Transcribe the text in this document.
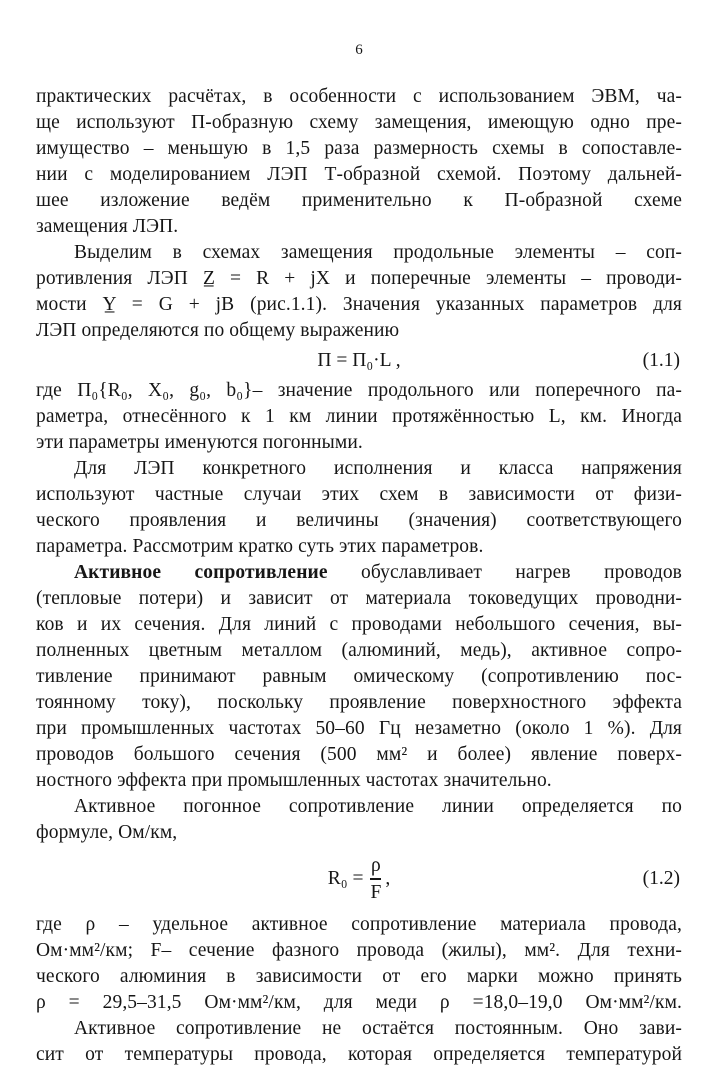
6
практических расчётах, в особенности с использованием ЭВМ, ча-
ще используют П-образную схему замещения, имеющую одно пре-
имущество – меньшую в 1,5 раза размерность схемы в сопоставле-
нии с моделированием ЛЭП Т-образной схемой. Поэтому дальней-
шее изложение ведём применительно к П-образной схеме
замещения ЛЭП.
Выделим в схемах замещения продольные элементы – соп-
ротивления ЛЭП Z̲ = R + jX и поперечные элементы – проводи-
мости Y̲ = G + jB (рис.1.1). Значения указанных параметров для
ЛЭП определяются по общему выражению
П = П₀·L ,	(1.1)
где П₀{R₀, X₀, g₀, b₀}– значение продольного или поперечного па-
раметра, отнесённого к 1 км линии протяжённостью L, км. Иногда
эти параметры именуются погонными.
Для ЛЭП конкретного исполнения и класса напряжения
используют частные случаи этих схем в зависимости от физи-
ческого проявления и величины (значения) соответствующего
параметра. Рассмотрим кратко суть этих параметров.
Активное сопротивление обуславливает нагрев проводов
(тепловые потери) и зависит от материала токоведущих проводни-
ков и их сечения. Для линий с проводами небольшого сечения, вы-
полненных цветным металлом (алюминий, медь), активное сопро-
тивление принимают равным омическому (сопротивлению пос-
тоянному току), поскольку проявление поверхностного эффекта
при промышленных частотах 50–60 Гц незаметно (около 1 %). Для
проводов большого сечения (500 мм² и более) явление поверх-
ностного эффекта при промышленных частотах значительно.
Активное погонное сопротивление линии определяется по
формуле, Ом/км,
$R_0 = \frac{\rho}{F}$ ,	(1.2)
где ρ – удельное активное сопротивление материала провода,
Ом·мм²/км; F– сечение фазного провода (жилы), мм². Для техни-
ческого алюминия в зависимости от его марки можно принять
ρ = 29,5–31,5 Ом·мм²/км, для меди ρ =18,0–19,0 Ом·мм²/км.
Активное сопротивление не остаётся постоянным. Оно зави-
сит от температуры провода, которая определяется температурой
